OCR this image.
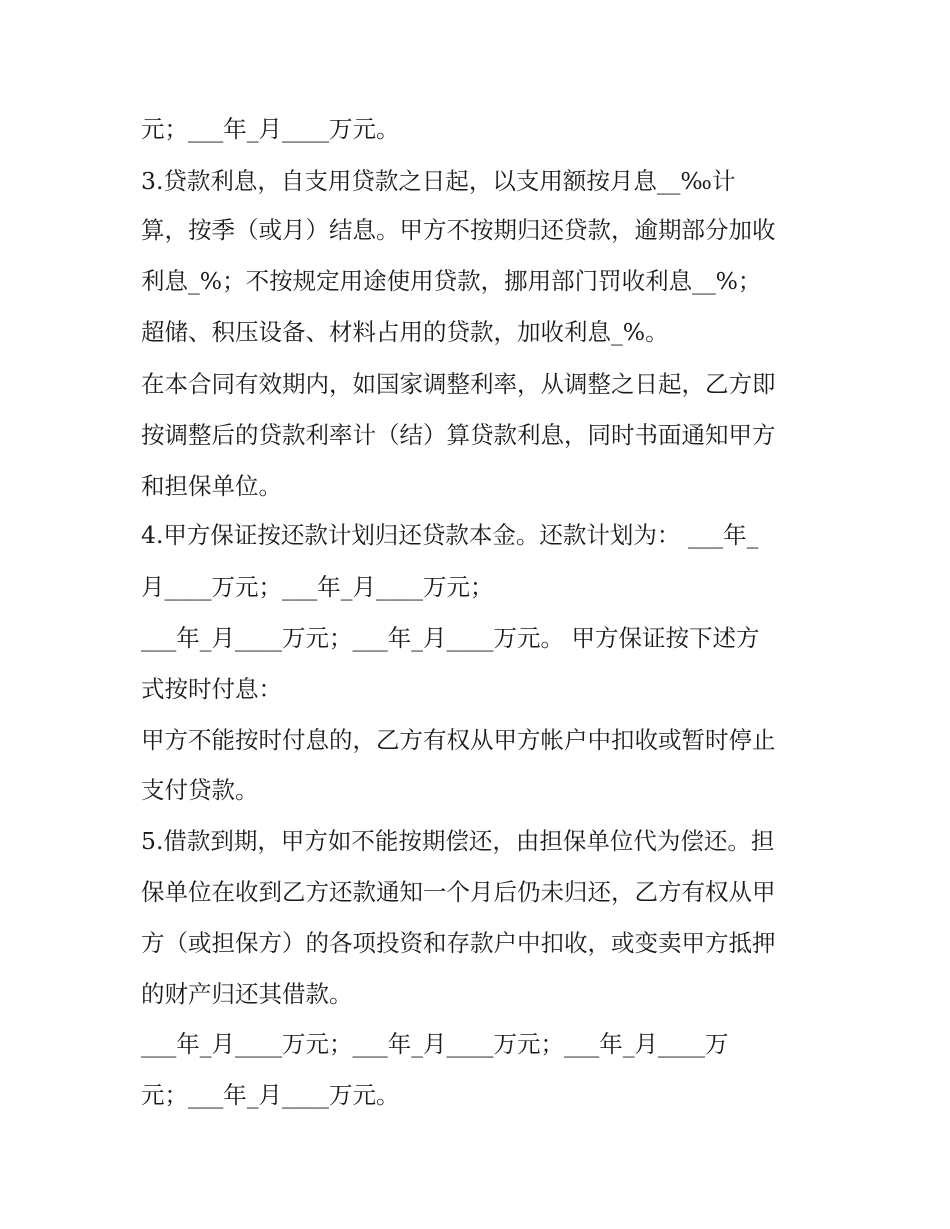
元；___年_月____万元。

3.贷款利息，自支用贷款之日起，以支用额按月息__‰计

算，按季（或月）结息。甲方不按期归还贷款，逾期部分加收

利息_%；不按规定用途使用贷款，挪用部门罚收利息__%；

超储、积压设备、材料占用的贷款，加收利息_%。

在本合同有效期内，如国家调整利率，从调整之日起，乙方即

按调整后的贷款利率计（结）算贷款利息，同时书面通知甲方

和担保单位。

4.甲方保证按还款计划归还贷款本金。还款计划为： ___年_

月____万元；___年_月____万元；

___年_月____万元；___年_月____万元。 甲方保证按下述方

式按时付息：

甲方不能按时付息的，乙方有权从甲方帐户中扣收或暂时停止

支付贷款。

5.借款到期，甲方如不能按期偿还，由担保单位代为偿还。担

保单位在收到乙方还款通知一个月后仍未归还，乙方有权从甲

方（或担保方）的各项投资和存款户中扣收，或变卖甲方抵押

的财产归还其借款。

___年_月____万元；___年_月____万元；___年_月____万

元；___年_月____万元。
